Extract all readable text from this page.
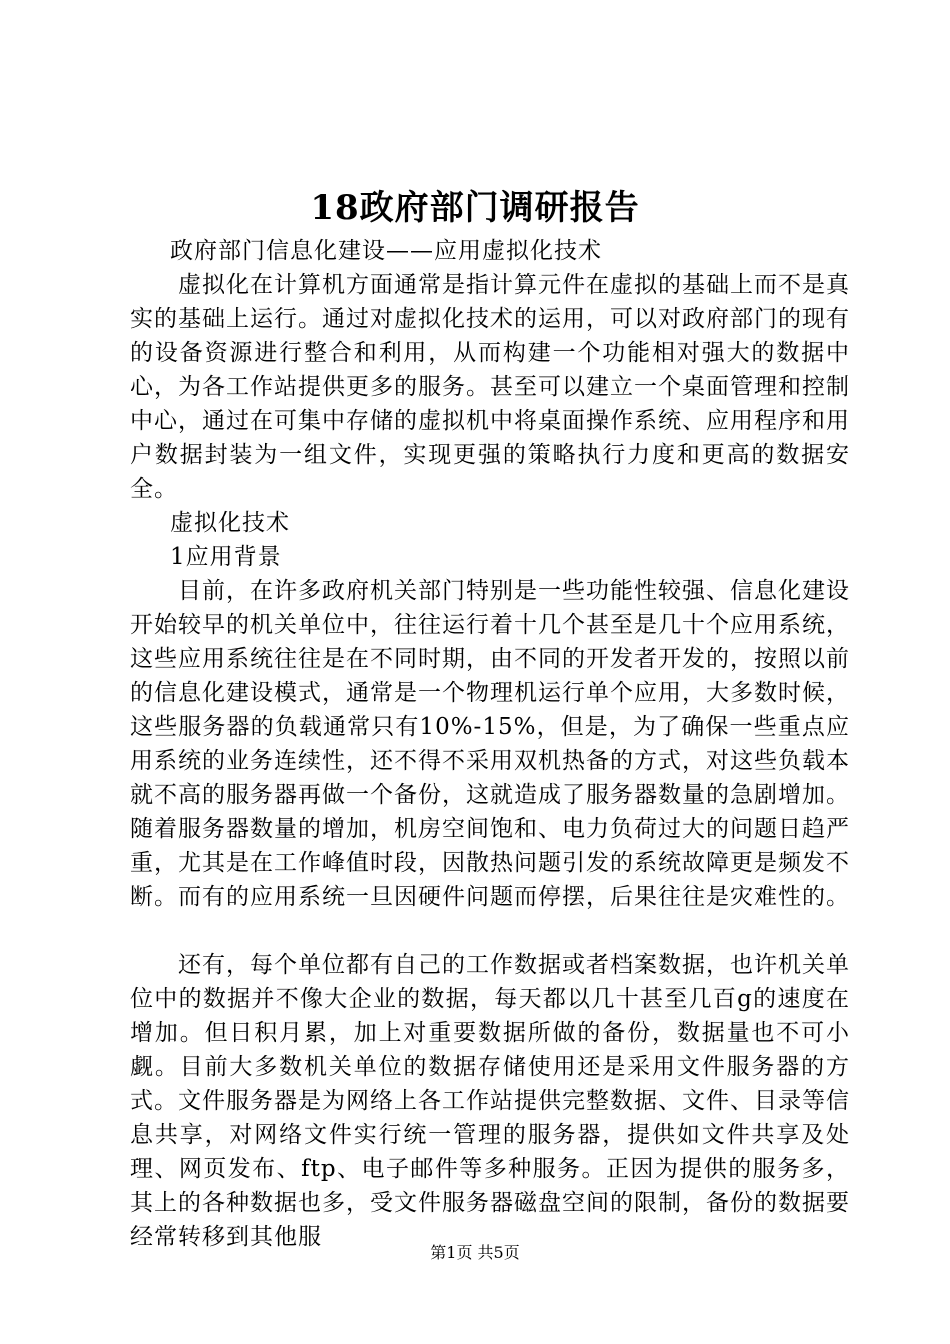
18政府部门调研报告

政府部门信息化建设——应用虚拟化技术

虚拟化在计算机方面通常是指计算元件在虚拟的基础上而不是真实的基础上运行。通过对虚拟化技术的运用，可以对政府部门的现有的设备资源进行整合和利用，从而构建一个功能相对强大的数据中心，为各工作站提供更多的服务。甚至可以建立一个桌面管理和控制中心，通过在可集中存储的虚拟机中将桌面操作系统、应用程序和用户数据封装为一组文件，实现更强的策略执行力度和更高的数据安全。

虚拟化技术

1应用背景

目前，在许多政府机关部门特别是一些功能性较强、信息化建设开始较早的机关单位中，往往运行着十几个甚至是几十个应用系统，这些应用系统往往是在不同时期，由不同的开发者开发的，按照以前的信息化建设模式，通常是一个物理机运行单个应用，大多数时候，这些服务器的负载通常只有10%-15%，但是，为了确保一些重点应用系统的业务连续性，还不得不采用双机热备的方式，对这些负载本就不高的服务器再做一个备份，这就造成了服务器数量的急剧增加。随着服务器数量的增加，机房空间饱和、电力负荷过大的问题日趋严重，尤其是在工作峰值时段，因散热问题引发的系统故障更是频发不断。而有的应用系统一旦因硬件问题而停摆，后果往往是灾难性的。

还有，每个单位都有自己的工作数据或者档案数据，也许机关单位中的数据并不像大企业的数据，每天都以几十甚至几百g的速度在增加。但日积月累，加上对重要数据所做的备份，数据量也不可小觑。目前大多数机关单位的数据存储使用还是采用文件服务器的方式。文件服务器是为网络上各工作站提供完整数据、文件、目录等信息共享，对网络文件实行统一管理的服务器，提供如文件共享及处理、网页发布、ftp、电子邮件等多种服务。正因为提供的服务多，其上的各种数据也多，受文件服务器磁盘空间的限制，备份的数据要经常转移到其他服

第1页 共5页
